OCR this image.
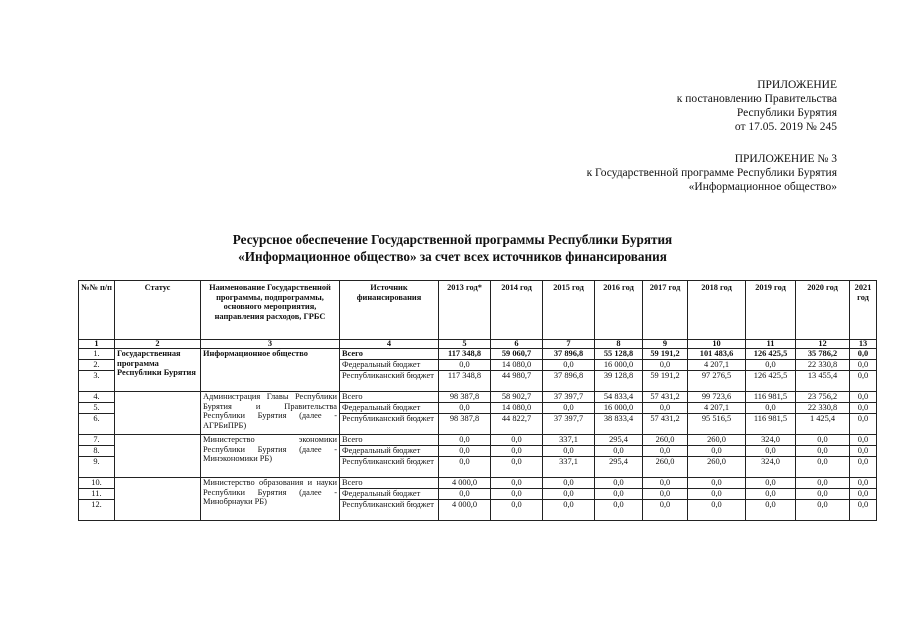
ПРИЛОЖЕНИЕ
к постановлению Правительства
Республики Бурятия
от 17.05. 2019 № 245
ПРИЛОЖЕНИЕ № 3
к Государственной программе Республики Бурятия
«Информационное общество»
Ресурсное обеспечение Государственной программы Республики Бурятия
«Информационное общество» за счет всех источников финансирования
№№ п/п	Статус	Наименование Государственной программы, подпрограммы, основного мероприятия, направления расходов, ГРБС	Источник финансирования	2013 год*	2014 год	2015 год	2016 год	2017 год	2018 год	2019 год	2020 год	2021 год
1	2	3	4	5	6	7	8	9	10	11	12	13
1.	Государственная программа Республики Бурятия	Информационное общество	Всего	117 348,8	59 060,7	37 896,8	55 128,8	59 191,2	101 483,6	126 425,5	35 786,2	0,0
2.			Федеральный бюджет	0,0	14 080,0	0,0	16 000,0	0,0	4 207,1	0,0	22 330,8	0,0
3.			Республиканский бюджет	117 348,8	44 980,7	37 896,8	39 128,8	59 191,2	97 276,5	126 425,5	13 455,4	0,0
4.		Администрация Главы Республики Бурятия и Правительства Республики Бурятия (далее - АГРБиПРБ)	Всего	98 387,8	58 902,7	37 397,7	54 833,4	57 431,2	99 723,6	116 981,5	23 756,2	0,0
5.			Федеральный бюджет	0,0	14 080,0	0,0	16 000,0	0,0	4 207,1	0,0	22 330,8	0,0
6.			Республиканский бюджет	98 387,8	44 822,7	37 397,7	38 833,4	57 431,2	95 516,5	116 981,5	1 425,4	0,0
7.		Министерство экономики Республики Бурятия (далее - Минэкономики РБ)	Всего	0,0	0,0	337,1	295,4	260,0	260,0	324,0	0,0	0,0
8.			Федеральный бюджет	0,0	0,0	0,0	0,0	0,0	0,0	0,0	0,0	0,0
9.			Республиканский бюджет	0,0	0,0	337,1	295,4	260,0	260,0	324,0	0,0	0,0
10.		Министерство образования и науки Республики Бурятия (далее - Минобрнауки РБ)	Всего	4 000,0	0,0	0,0	0,0	0,0	0,0	0,0	0,0	0,0
11.			Федеральный бюджет	0,0	0,0	0,0	0,0	0,0	0,0	0,0	0,0	0,0
12.			Республиканский бюджет	4 000,0	0,0	0,0	0,0	0,0	0,0	0,0	0,0	0,0
